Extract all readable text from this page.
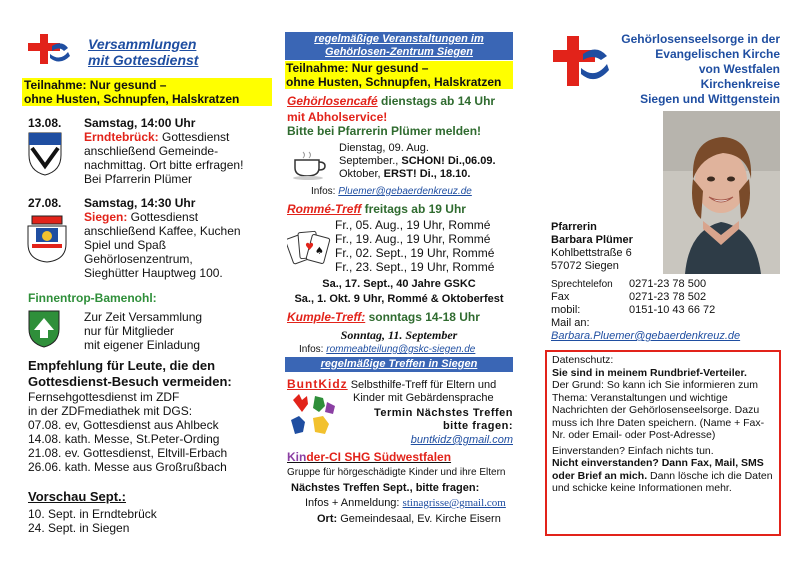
Versammlungen
mit Gottesdienst
Teilnahme: Nur gesund –
ohne Husten, Schnupfen, Halskratzen
13.08. Samstag, 14:00 Uhr
Erndtebrück: Gottesdienst
anschließend Gemeinde-
nachmittag. Ort bitte erfragen!
Bei Pfarrerin Plümer
27.08. Samstag, 14:30 Uhr
Siegen: Gottesdienst
anschließend Kaffee, Kuchen
Spiel und Spaß
Gehörlosenzentrum,
Sieghütter Hauptweg 100.
Finnentrop-Bamenohl:
Zur Zeit Versammlung
nur für Mitglieder
mit eigener Einladung
Empfehlung für Leute, die den
Gottesdienst-Besuch vermeiden:
Fernsehgottesdienst im ZDF
in der ZDFmediathek mit DGS:
07.08. ev, Gottesdienst aus Ahlbeck
14.08. kath. Messe, St.Peter-Ording
21.08. ev. Gottesdienst, Eltvill-Erbach
26.06. kath. Messe aus Großrußbach
Vorschau Sept.:
10. Sept. in Erndtebrück
24. Sept. in Siegen
regelmäßige Veranstaltungen im
Gehörlosen-Zentrum Siegen
Teilnahme: Nur gesund –
ohne Husten, Schnupfen, Halskratzen
Gehörlosencafé dienstags ab 14 Uhr
mit Abholservice!
Bitte bei Pfarrerin Plümer melden!
Dienstag, 09. Aug.
September., SCHON! Di.,06.09.
Oktober, ERST! Di., 18.10.
Infos: Pluemer@gebaerdenkreuz.de
Rommé-Treff freitags ab 19 Uhr
♥ ♠
Fr., 05. Aug., 19 Uhr, Rommé
Fr., 19. Aug., 19 Uhr, Rommé
Fr., 02. Sept., 19 Uhr, Rommé
Fr., 23. Sept., 19 Uhr, Rommé
Sa., 17. Sept., 40 Jahre GSKC
Sa., 1. Okt. 9 Uhr, Rommé & Oktoberfest
Kumple-Treff: sonntags 14-18 Uhr
Sonntag, 11. September
Infos: rommeabteilung@gskc-siegen.de
regelmäßige Treffen in Siegen
BuntKidz Selbsthilfe-Treff für Eltern und
Kinder mit Gebärdensprache
Termin Nächstes Treffen
bitte fragen:
buntkidz@gmail.com
Kinder-CI SHG Südwestfalen
Gruppe für hörgeschädigte Kinder und ihre Eltern
Nächstes Treffen Sept., bitte fragen:
Infos + Anmeldung: stinagrisse@gmail.com
Ort: Gemeindesaal, Ev. Kirche Eisern
Gehörlosenseelsorge in der
Evangelischen Kirche
von Westfalen
Kirchenkreise
Siegen und Wittgenstein
Pfarrerin
Barbara Plümer
Kohlbettstraße 6
57072 Siegen
Sprechtelefon	0271-23 78 500
Fax	0271-23 78 502
mobil:	0151-10 43 66 72
Mail an:
Barbara.Pluemer@gebaerdenkreuz.de
Datenschutz:
Sie sind in meinem Rundbrief-Verteiler.
Der Grund: So kann ich Sie informieren zum Thema: Veranstaltungen und wichtige Nachrichten der Gehörlosenseelsorge. Dazu muss ich Ihre Daten speichern. (Name + Fax-Nr. oder Email- oder Post-Adresse)
Einverstanden? Einfach nichts tun.
Nicht einverstanden? Dann Fax, Mail, SMS oder Brief an mich. Dann lösche ich die Daten und schicke keine Informationen mehr.
